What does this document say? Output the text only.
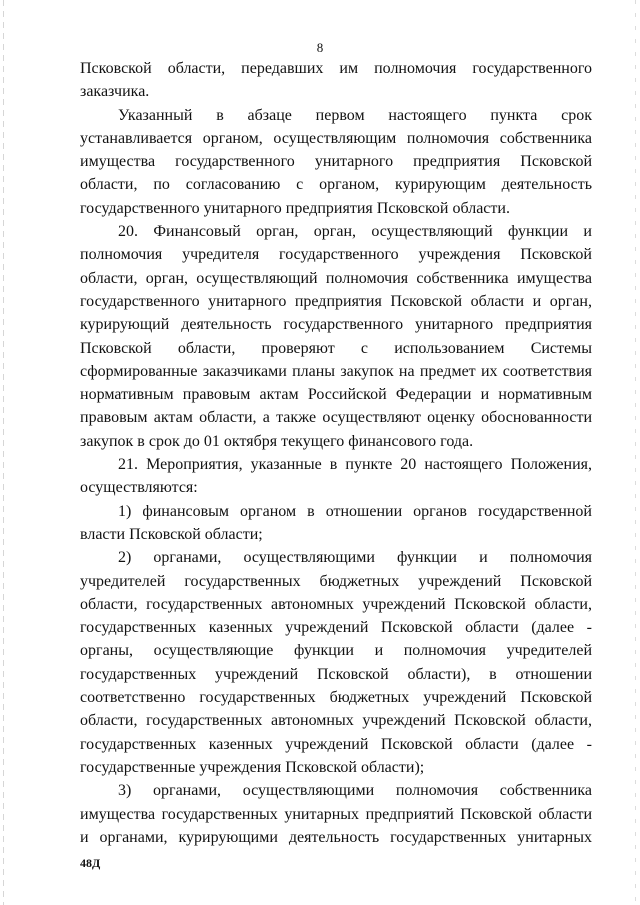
8
Псковской области, передавших им полномочия государственного
заказчика.
Указанный в абзаце первом настоящего пункта срок
устанавливается органом, осуществляющим полномочия собственника
имущества государственного унитарного предприятия Псковской
области, по согласованию с органом, курирующим деятельность
государственного унитарного предприятия Псковской области.
20. Финансовый орган, орган, осуществляющий функции и
полномочия учредителя государственного учреждения Псковской
области, орган, осуществляющий полномочия собственника имущества
государственного унитарного предприятия Псковской области и орган,
курирующий деятельность государственного унитарного предприятия
Псковской области, проверяют с использованием Системы
сформированные заказчиками планы закупок на предмет их соответствия
нормативным правовым актам Российской Федерации и нормативным
правовым актам области, а также осуществляют оценку обоснованности
закупок в срок до 01 октября текущего финансового года.
21. Мероприятия, указанные в пункте 20 настоящего Положения,
осуществляются:
1) финансовым органом в отношении органов государственной
власти Псковской области;
2) органами, осуществляющими функции и полномочия
учредителей государственных бюджетных учреждений Псковской
области, государственных автономных учреждений Псковской области,
государственных казенных учреждений Псковской области (далее -
органы, осуществляющие функции и полномочия учредителей
государственных учреждений Псковской области), в отношении
соответственно государственных бюджетных учреждений Псковской
области, государственных автономных учреждений Псковской области,
государственных казенных учреждений Псковской области (далее -
государственные учреждения Псковской области);
3) органами, осуществляющими полномочия собственника
имущества государственных унитарных предприятий Псковской области
и органами, курирующими деятельность государственных унитарных
48Д
